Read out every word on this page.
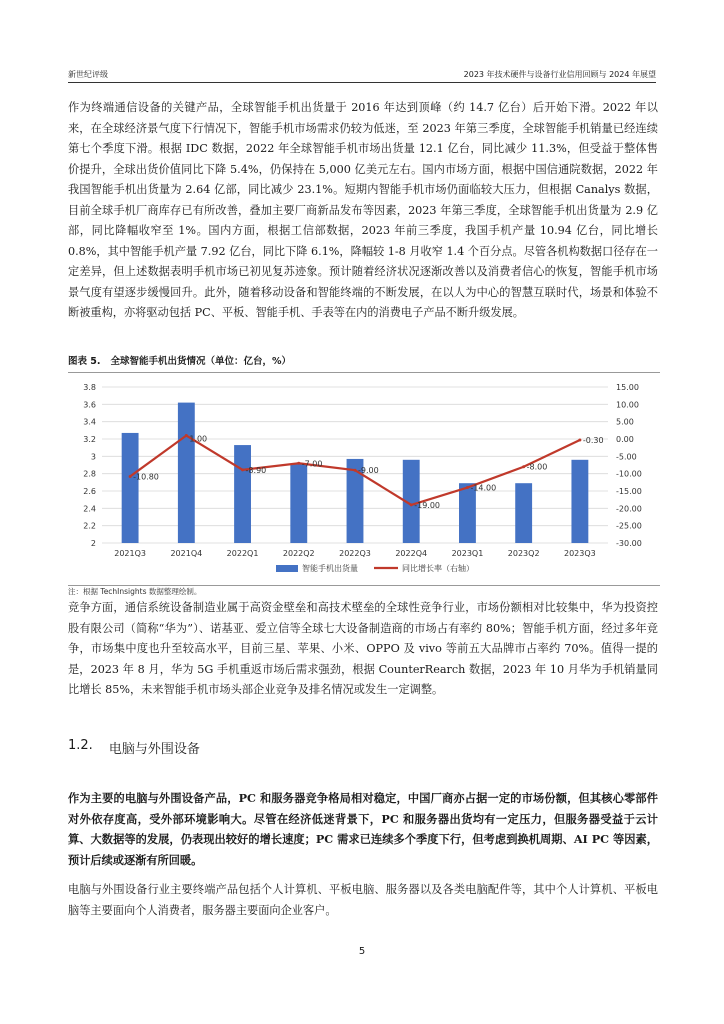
新世纪评级	2023 年技术硬件与设备行业信用回顾与 2024 年展望
作为终端通信设备的关键产品，全球智能手机出货量于 2016 年达到顶峰（约 14.7 亿台）后开始下滑。2022 年以来，在全球经济景气度下行情况下，智能手机市场需求仍较为低迷，至 2023 年第三季度，全球智能手机销量已经连续第七个季度下滑。根据 IDC 数据，2022 年全球智能手机市场出货量 12.1 亿台，同比减少 11.3%，但受益于整体售价提升，全球出货价值同比下降 5.4%，仍保持在 5,000 亿美元左右。国内市场方面，根据中国信通院数据，2022 年我国智能手机出货量为 2.64 亿部，同比减少 23.1%。短期内智能手机市场仍面临较大压力，但根据 Canalys 数据，目前全球手机厂商库存已有所改善，叠加主要厂商新品发布等因素，2023 年第三季度，全球智能手机出货量为 2.9 亿部，同比降幅收窄至 1%。国内方面，根据工信部数据，2023 年前三季度，我国手机产量 10.94 亿台，同比增长 0.8%，其中智能手机产量 7.92 亿台，同比下降 6.1%，降幅较 1-8 月收窄 1.4 个百分点。尽管各机构数据口径存在一定差异，但上述数据表明手机市场已初见复苏迹象。预计随着经济状况逐渐改善以及消费者信心的恢复，智能手机市场景气度有望逐步缓慢回升。此外，随着移动设备和智能终端的不断发展，在以人为中心的智慧互联时代，场景和体验不断被重构，亦将驱动包括 PC、平板、智能手机、手表等在内的消费电子产品不断升级发展。
图表 5. 全球智能手机出货情况（单位：亿台，%）
2
2.2
2.4
2.6
2.8
3
3.2
3.4
3.6
3.8
-30.00
-25.00
-20.00
-15.00
-10.00
-5.00
0.00
5.00
10.00
15.00
2021Q3	2021Q4	2022Q1	2022Q2	2022Q3	2022Q4	2023Q1	2023Q2	2023Q3
-10.80
1.00
-8.90
-7.00
-9.00
-19.00
-14.00
-8.00
-0.30
智能手机出货量	同比增长率（右轴）
注：根据 TechInsights 数据整理绘制。
竞争方面，通信系统设备制造业属于高资金壁垒和高技术壁垒的全球性竞争行业，市场份额相对比较集中，华为投资控股有限公司（简称“华为”）、诺基亚、爱立信等全球七大设备制造商的市场占有率约 80%；智能手机方面，经过多年竞争，市场集中度也升至较高水平，目前三星、苹果、小米、OPPO 及 vivo 等前五大品牌市占率约 70%。值得一提的是，2023 年 8 月，华为 5G 手机重返市场后需求强劲，根据 CounterRearch 数据，2023 年 10 月华为手机销量同比增长 85%，未来智能手机市场头部企业竞争及排名情况或发生一定调整。
1.2. 电脑与外围设备
作为主要的电脑与外围设备产品，PC 和服务器竞争格局相对稳定，中国厂商亦占据一定的市场份额，但其核心零部件对外依存度高，受外部环境影响大。尽管在经济低迷背景下，PC 和服务器出货均有一定压力，但服务器受益于云计算、大数据等的发展，仍表现出较好的增长速度；PC 需求已连续多个季度下行，但考虑到换机周期、AI PC 等因素，预计后续或逐渐有所回暖。
电脑与外围设备行业主要终端产品包括个人计算机、平板电脑、服务器以及各类电脑配件等，其中个人计算机、平板电脑等主要面向个人消费者，服务器主要面向企业客户。
5
